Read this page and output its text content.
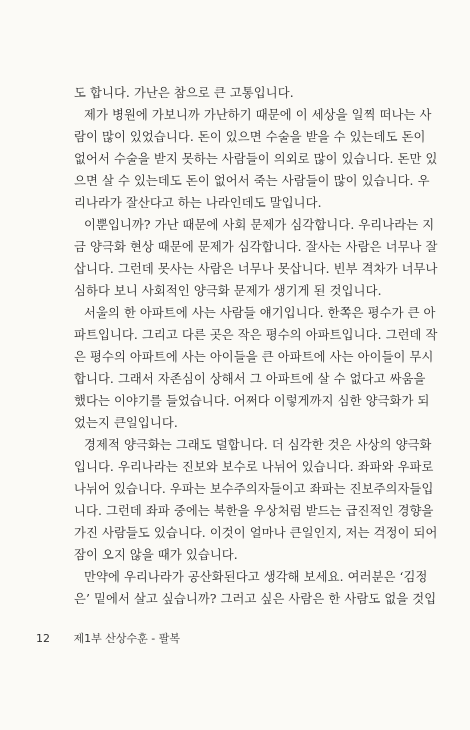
도 합니다. 가난은 참으로 큰 고통입니다.

제가 병원에 가보니까 가난하기 때문에 이 세상을 일찍 떠나는 사

람이 많이 있었습니다. 돈이 있으면 수술을 받을 수 있는데도 돈이

없어서 수술을 받지 못하는 사람들이 의외로 많이 있습니다. 돈만 있

으면 살 수 있는데도 돈이 없어서 죽는 사람들이 많이 있습니다. 우

리나라가 잘산다고 하는 나라인데도 말입니다.

이뿐입니까? 가난 때문에 사회 문제가 심각합니다. 우리나라는 지

금 양극화 현상 때문에 문제가 심각합니다. 잘사는 사람은 너무나 잘

삽니다. 그런데 못사는 사람은 너무나 못삽니다. 빈부 격차가 너무나

심하다 보니 사회적인 양극화 문제가 생기게 된 것입니다.

서울의 한 아파트에 사는 사람들 얘기입니다. 한쪽은 평수가 큰 아

파트입니다. 그리고 다른 곳은 작은 평수의 아파트입니다. 그런데 작

은 평수의 아파트에 사는 아이들을 큰 아파트에 사는 아이들이 무시

합니다. 그래서 자존심이 상해서 그 아파트에 살 수 없다고 싸움을

했다는 이야기를 들었습니다. 어쩌다 이렇게까지 심한 양극화가 되

었는지 큰일입니다.

경제적 양극화는 그래도 덜합니다. 더 심각한 것은 사상의 양극화

입니다. 우리나라는 진보와 보수로 나뉘어 있습니다. 좌파와 우파로

나뉘어 있습니다. 우파는 보수주의자들이고 좌파는 진보주의자들입

니다. 그런데 좌파 중에는 북한을 우상처럼 받드는 급진적인 경향을

가진 사람들도 있습니다. 이것이 얼마나 큰일인지, 저는 걱정이 되어

잠이 오지 않을 때가 있습니다.

만약에 우리나라가 공산화된다고 생각해 보세요. 여러분은 ‘김정

은’ 밑에서 살고 싶습니까? 그러고 싶은 사람은 한 사람도 없을 것입

12 제1부 산상수훈 - 팔복
